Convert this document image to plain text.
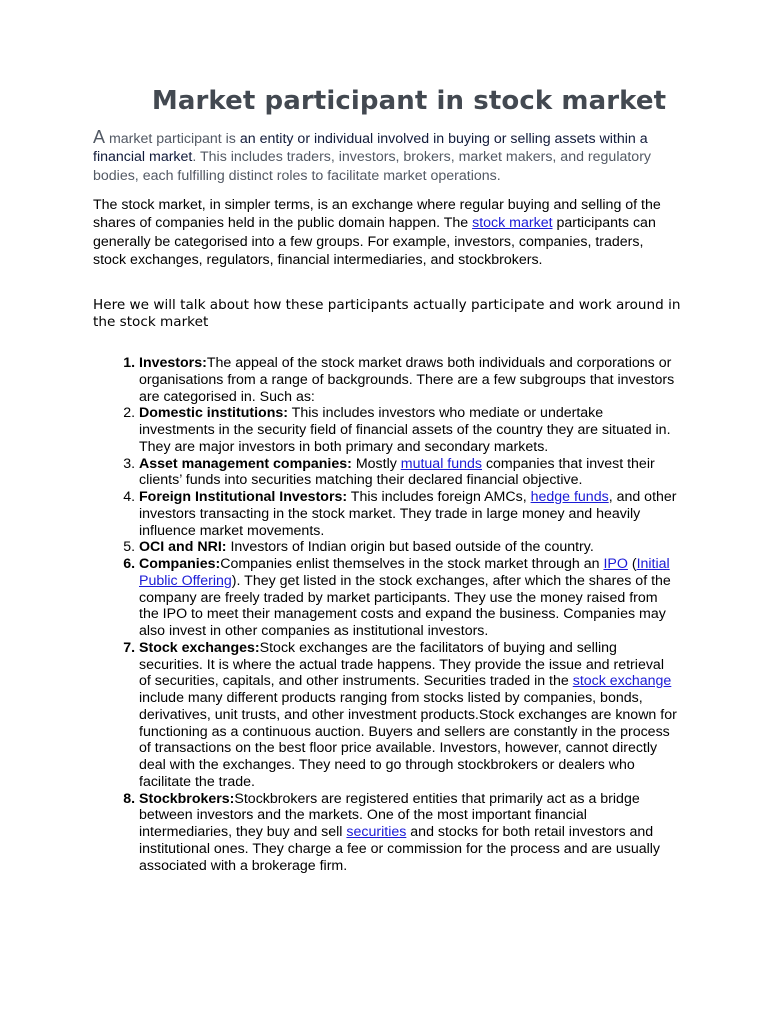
Market participant in stock market

A market participant is an entity or individual involved in buying or selling assets within a financial market. This includes traders, investors, brokers, market makers, and regulatory bodies, each fulfilling distinct roles to facilitate market operations.

The stock market, in simpler terms, is an exchange where regular buying and selling of the shares of companies held in the public domain happen. The stock market participants can generally be categorised into a few groups. For example, investors, companies, traders, stock exchanges, regulators, financial intermediaries, and stockbrokers.

Here we will talk about how these participants actually participate and work around in the stock market

1. Investors:The appeal of the stock market draws both individuals and corporations or organisations from a range of backgrounds. There are a few subgroups that investors are categorised in. Such as:
2. Domestic institutions: This includes investors who mediate or undertake investments in the security field of financial assets of the country they are situated in. They are major investors in both primary and secondary markets.
3. Asset management companies: Mostly mutual funds companies that invest their clients’ funds into securities matching their declared financial objective.
4. Foreign Institutional Investors: This includes foreign AMCs, hedge funds, and other investors transacting in the stock market. They trade in large money and heavily influence market movements.
5. OCI and NRI: Investors of Indian origin but based outside of the country.
6. Companies:Companies enlist themselves in the stock market through an IPO (Initial Public Offering). They get listed in the stock exchanges, after which the shares of the company are freely traded by market participants. They use the money raised from the IPO to meet their management costs and expand the business. Companies may also invest in other companies as institutional investors.
7. Stock exchanges:Stock exchanges are the facilitators of buying and selling securities. It is where the actual trade happens. They provide the issue and retrieval of securities, capitals, and other instruments. Securities traded in the stock exchange include many different products ranging from stocks listed by companies, bonds, derivatives, unit trusts, and other investment products.Stock exchanges are known for functioning as a continuous auction. Buyers and sellers are constantly in the process of transactions on the best floor price available. Investors, however, cannot directly deal with the exchanges. They need to go through stockbrokers or dealers who facilitate the trade.
8. Stockbrokers:Stockbrokers are registered entities that primarily act as a bridge between investors and the markets. One of the most important financial intermediaries, they buy and sell securities and stocks for both retail investors and institutional ones. They charge a fee or commission for the process and are usually associated with a brokerage firm.
